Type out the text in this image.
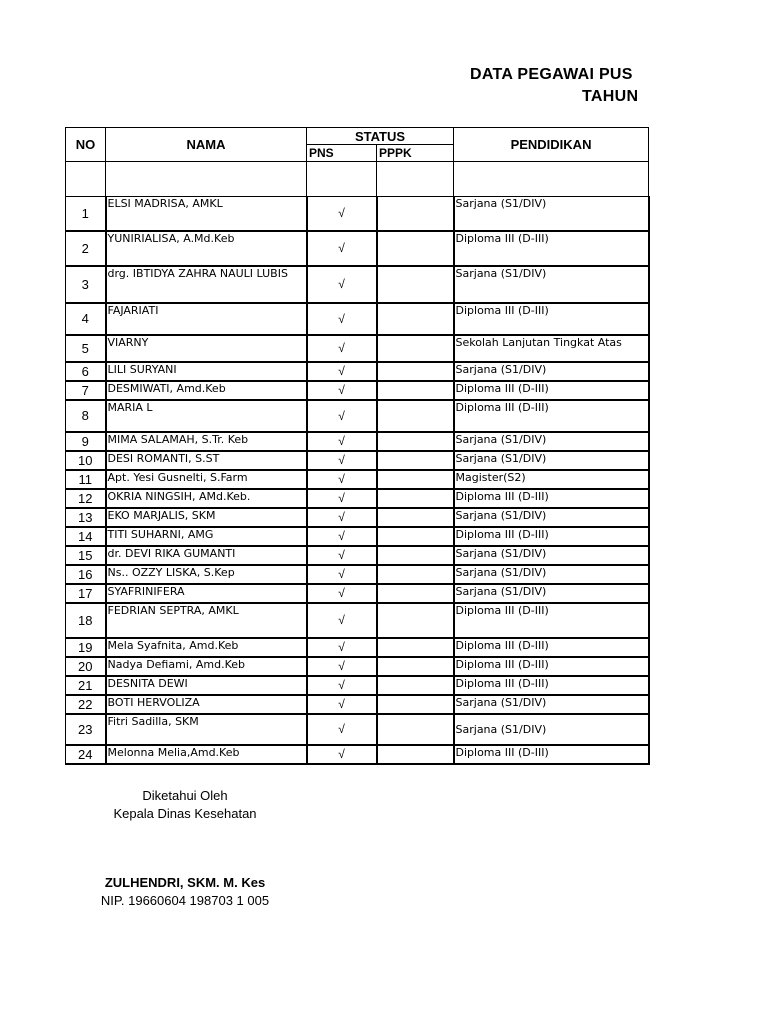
DATA PEGAWAI PUS
TAHUN
NO	NAMA	STATUS		PENDIDIKAN
		PNS	PPPK	

1	ELSI MADRISA, AMKL	√		Sarjana (S1/DIV)
2	YUNIRIALISA, A.Md.Keb	√		Diploma III (D-III)
3	drg. IBTIDYA ZAHRA NAULI LUBIS	√		Sarjana (S1/DIV)
4	FAJARIATI	√		Diploma III (D-III)
5	VIARNY	√		Sekolah Lanjutan Tingkat Atas
6	LILI SURYANI	√		Sarjana (S1/DIV)
7	DESMIWATI, Amd.Keb	√		Diploma III (D-III)
8	MARIA L	√		Diploma III (D-III)
9	MIMA SALAMAH, S.Tr. Keb	√		Sarjana (S1/DIV)
10	DESI ROMANTI, S.ST	√		Sarjana (S1/DIV)
11	Apt. Yesi Gusnelti, S.Farm	√		Magister(S2)
12	OKRIA NINGSIH, AMd.Keb.	√		Diploma III (D-III)
13	EKO MARJALIS, SKM	√		Sarjana (S1/DIV)
14	TITI SUHARNI, AMG	√		Diploma III (D-III)
15	dr. DEVI RIKA GUMANTI	√		Sarjana (S1/DIV)
16	Ns.. OZZY LISKA, S.Kep	√		Sarjana (S1/DIV)
17	SYAFRINIFERA	√		Sarjana (S1/DIV)
18	FEDRIAN SEPTRA, AMKL	√		Diploma III (D-III)
19	Mela Syafnita, Amd.Keb	√		Diploma III (D-III)
20	Nadya Defiami, Amd.Keb	√		Diploma III (D-III)
21	DESNITA DEWI	√		Diploma III (D-III)
22	BOTI HERVOLIZA	√		Sarjana (S1/DIV)
23	Fitri Sadilla, SKM	√		Sarjana (S1/DIV)
24	Melonna Melia,Amd.Keb	√		Diploma III (D-III)
Diketahui Oleh
Kepala Dinas Kesehatan
ZULHENDRI, SKM. M. Kes
NIP. 19660604 198703 1 005
